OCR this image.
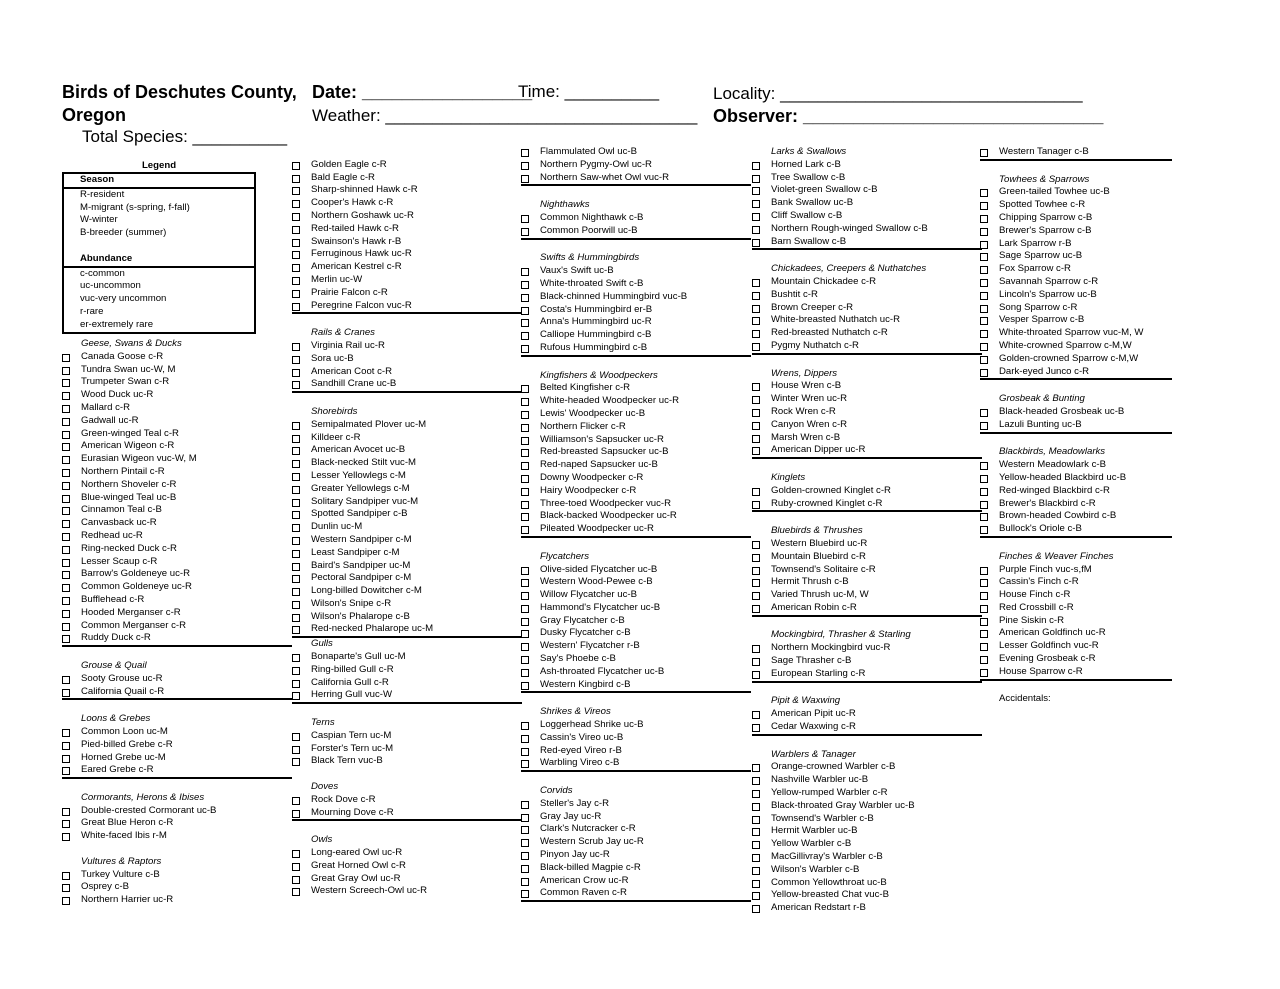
Birds of Deschutes County,
Oregon
Total Species: __________
Date: _________________
Time: __________	Locality: ________________________________
Weather: _________________________________ Observer: ______________________________
Legend
Season
R-resident
M-migrant (s-spring, f-fall)
W-winter
B-breeder (summer)
Abundance
c-common
uc-uncommon
vuc-very uncommon
r-rare
er-extremely rare
Geese, Swans & Ducks
Canada Goose c-R
Tundra Swan uc-W, M
Trumpeter Swan c-R
Wood Duck uc-R
Mallard c-R
Gadwall uc-R
Green-winged Teal c-R
American Wigeon c-R
Eurasian Wigeon vuc-W, M
Northern Pintail c-R
Northern Shoveler c-R
Blue-winged Teal uc-B
Cinnamon Teal c-B
Canvasback uc-R
Redhead uc-R
Ring-necked Duck c-R
Lesser Scaup c-R
Barrow's Goldeneye uc-R
Common Goldeneye uc-R
Bufflehead c-R
Hooded Merganser c-R
Common Merganser c-R
Ruddy Duck c-R
Grouse & Quail
Sooty Grouse uc-R
California Quail c-R
Loons & Grebes
Common Loon uc-M
Pied-billed Grebe c-R
Horned Grebe uc-M
Eared Grebe c-R
Cormorants, Herons & Ibises
Double-crested Cormorant uc-B
Great Blue Heron c-R
White-faced Ibis r-M
Vultures & Raptors
Turkey Vulture c-B
Osprey c-B
Northern Harrier uc-R
Golden Eagle c-R
Bald Eagle c-R
Sharp-shinned Hawk c-R
Cooper's Hawk c-R
Northern Goshawk uc-R
Red-tailed Hawk c-R
Swainson's Hawk r-B
Ferruginous Hawk uc-R
American Kestrel c-R
Merlin uc-W
Prairie Falcon c-R
Peregrine Falcon vuc-R
Rails & Cranes
Virginia Rail uc-R
Sora uc-B
American Coot c-R
Sandhill Crane uc-B
Shorebirds
Semipalmated Plover uc-M
Killdeer c-R
American Avocet uc-B
Black-necked Stilt vuc-M
Lesser Yellowlegs c-M
Greater Yellowlegs c-M
Solitary Sandpiper vuc-M
Spotted Sandpiper c-B
Dunlin uc-M
Western Sandpiper c-M
Least Sandpiper c-M
Baird's Sandpiper uc-M
Pectoral Sandpiper c-M
Long-billed Dowitcher c-M
Wilson's Snipe c-R
Wilson's Phalarope c-B
Red-necked Phalarope uc-M
Gulls
Bonaparte's Gull uc-M
Ring-billed Gull c-R
California Gull c-R
Herring Gull vuc-W
Terns
Caspian Tern uc-M
Forster's Tern uc-M
Black Tern vuc-B
Doves
Rock Dove c-R
Mourning Dove c-R
Owls
Long-eared Owl uc-R
Great Horned Owl c-R
Great Gray Owl uc-R
Western Screech-Owl uc-R
Flammulated Owl uc-B
Northern Pygmy-Owl uc-R
Northern Saw-whet Owl vuc-R
Nighthawks
Common Nighthawk c-B
Common Poorwill uc-B
Swifts & Hummingbirds
Vaux's Swift uc-B
White-throated Swift c-B
Black-chinned Hummingbird vuc-B
Costa's Hummingbird er-B
Anna's Hummingbird uc-R
Calliope Hummingbird c-B
Rufous Hummingbird c-B
Kingfishers & Woodpeckers
Belted Kingfisher c-R
White-headed Woodpecker uc-R
Lewis' Woodpecker uc-B
Northern Flicker c-R
Williamson's Sapsucker uc-R
Red-breasted Sapsucker uc-B
Red-naped Sapsucker uc-B
Downy Woodpecker c-R
Hairy Woodpecker c-R
Three-toed Woodpecker vuc-R
Black-backed Woodpecker uc-R
Pileated Woodpecker uc-R
Flycatchers
Olive-sided Flycatcher uc-B
Western Wood-Pewee c-B
Willow Flycatcher uc-B
Hammond's Flycatcher uc-B
Gray Flycatcher c-B
Dusky Flycatcher c-B
Western' Flycatcher r-B
Say's Phoebe c-B
Ash-throated Flycatcher uc-B
Western Kingbird c-B
Shrikes & Vireos
Loggerhead Shrike uc-B
Cassin's Vireo uc-B
Red-eyed Vireo r-B
Warbling Vireo c-B
Corvids
Steller's Jay c-R
Gray Jay uc-R
Clark's Nutcracker c-R
Western Scrub Jay uc-R
Pinyon Jay uc-R
Black-billed Magpie c-R
American Crow uc-R
Common Raven c-R
Larks & Swallows
Horned Lark c-B
Tree Swallow c-B
Violet-green Swallow c-B
Bank Swallow uc-B
Cliff Swallow c-B
Northern Rough-winged Swallow c-B
Barn Swallow c-B
Chickadees, Creepers & Nuthatches
Mountain Chickadee c-R
Bushtit c-R
Brown Creeper c-R
White-breasted Nuthatch uc-R
Red-breasted Nuthatch c-R
Pygmy Nuthatch c-R
Wrens, Dippers
House Wren c-B
Winter Wren uc-R
Rock Wren c-R
Canyon Wren c-R
Marsh Wren c-B
American Dipper uc-R
Kinglets
Golden-crowned Kinglet c-R
Ruby-crowned Kinglet c-R
Bluebirds & Thrushes
Western Bluebird uc-R
Mountain Bluebird c-R
Townsend's Solitaire c-R
Hermit Thrush c-B
Varied Thrush uc-M, W
American Robin c-R
Mockingbird, Thrasher & Starling
Northern Mockingbird vuc-R
Sage Thrasher c-B
European Starling c-R
Pipit & Waxwing
American Pipit uc-R
Cedar Waxwing c-R
Warblers & Tanager
Orange-crowned Warbler c-B
Nashville Warbler uc-B
Yellow-rumped Warbler c-R
Black-throated Gray Warbler uc-B
Townsend's Warbler c-B
Hermit Warbler uc-B
Yellow Warbler c-B
MacGillivray's Warbler c-B
Wilson's Warbler c-B
Common Yellowthroat uc-B
Yellow-breasted Chat vuc-B
American Redstart r-B
Western Tanager c-B
Towhees & Sparrows
Green-tailed Towhee uc-B
Spotted Towhee c-R
Chipping Sparrow c-B
Brewer's Sparrow c-B
Lark Sparrow r-B
Sage Sparrow uc-B
Fox Sparrow c-R
Savannah Sparrow c-R
Lincoln's Sparrow uc-B
Song Sparrow c-R
Vesper Sparrow c-B
White-throated Sparrow vuc-M, W
White-crowned Sparrow c-M,W
Golden-crowned Sparrow c-M,W
Dark-eyed Junco c-R
Grosbeak & Bunting
Black-headed Grosbeak uc-B
Lazuli Bunting uc-B
Blackbirds, Meadowlarks
Western Meadowlark c-B
Yellow-headed Blackbird uc-B
Red-winged Blackbird c-R
Brewer's Blackbird c-R
Brown-headed Cowbird c-B
Bullock's Oriole c-B
Finches & Weaver Finches
Purple Finch vuc-s,fM
Cassin's Finch c-R
House Finch c-R
Red Crossbill c-R
Pine Siskin c-R
American Goldfinch uc-R
Lesser Goldfinch vuc-R
Evening Grosbeak c-R
House Sparrow c-R
Accidentals:
